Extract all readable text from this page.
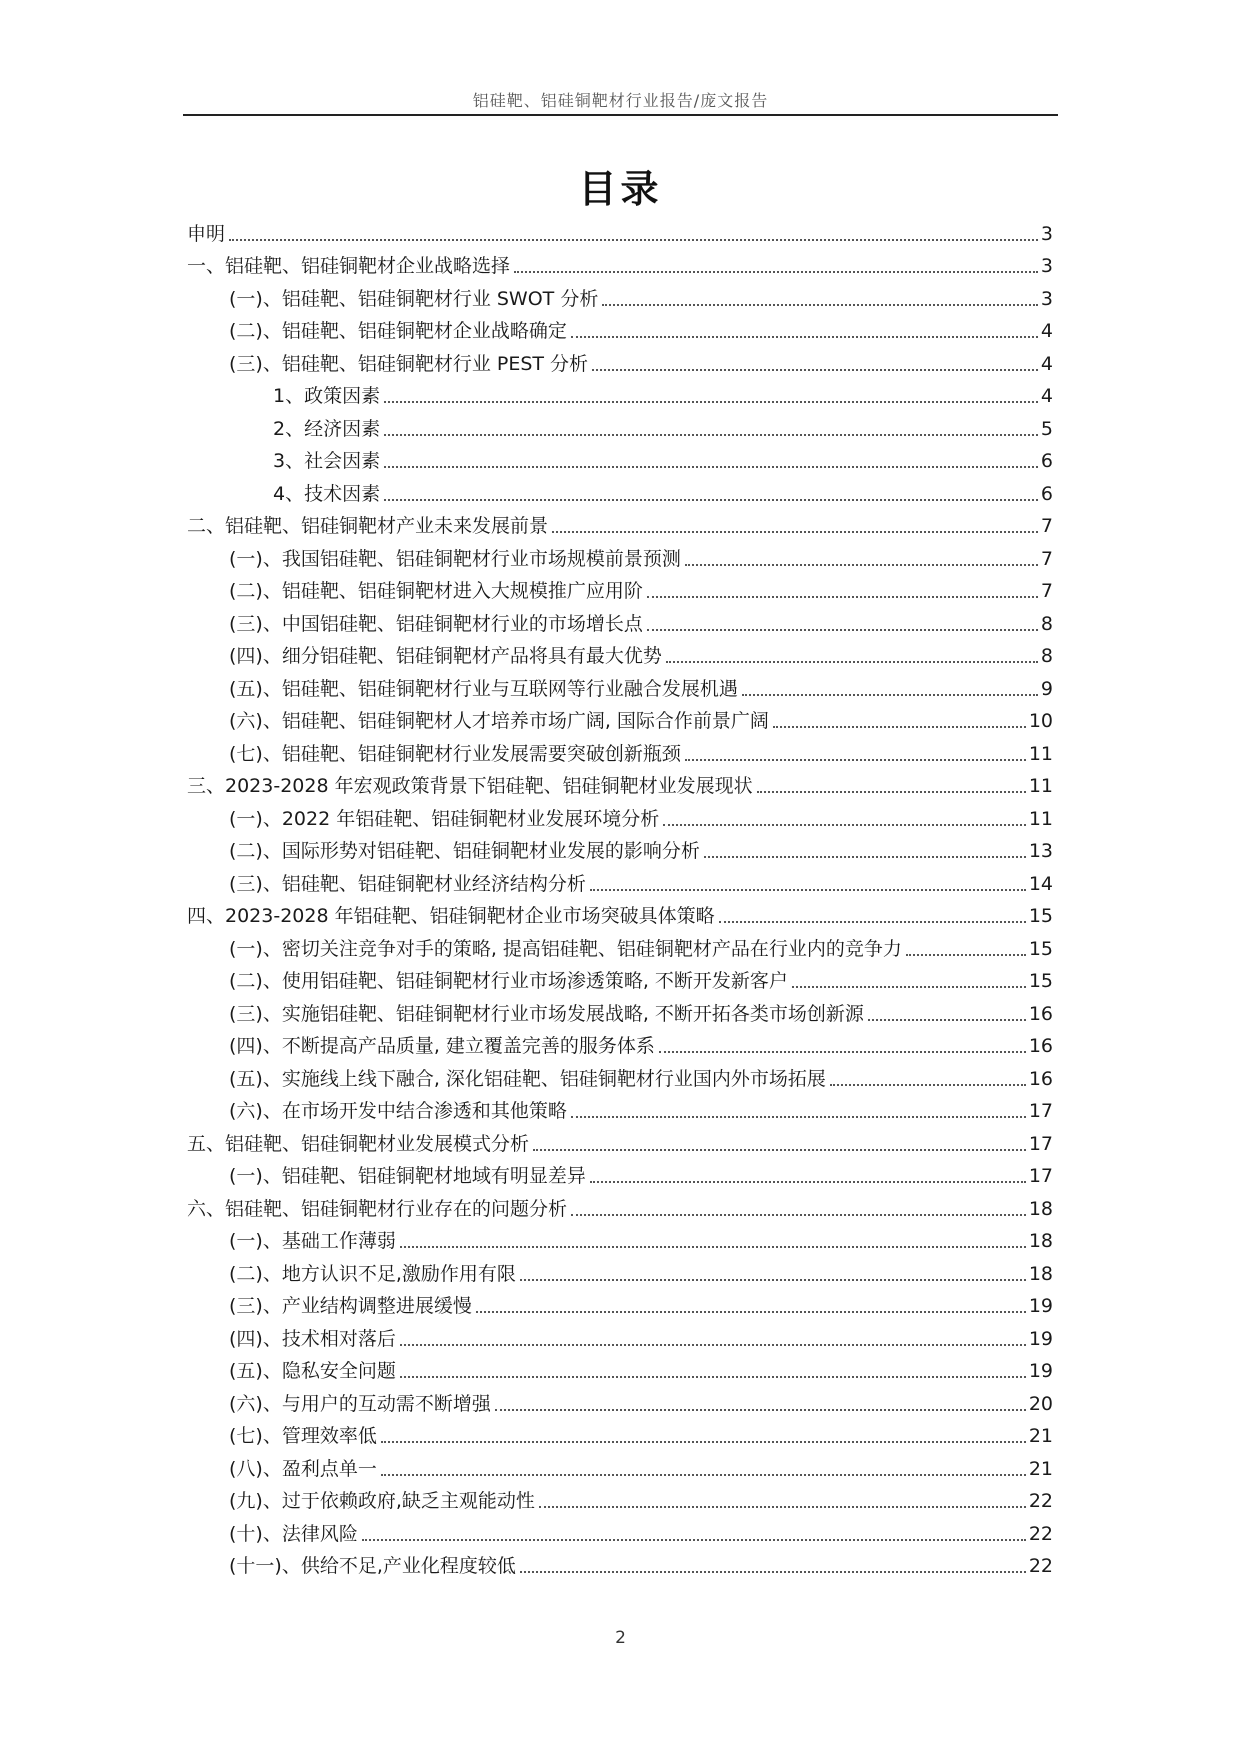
铝硅靶、铝硅铜靶材行业报告/庞文报告
目录
申明	3
一、铝硅靶、铝硅铜靶材企业战略选择	3
(一)、铝硅靶、铝硅铜靶材行业 SWOT 分析	3
(二)、铝硅靶、铝硅铜靶材企业战略确定	4
(三)、铝硅靶、铝硅铜靶材行业 PEST 分析	4
1、政策因素	4
2、经济因素	5
3、社会因素	6
4、技术因素	6
二、铝硅靶、铝硅铜靶材产业未来发展前景	7
(一)、我国铝硅靶、铝硅铜靶材行业市场规模前景预测	7
(二)、铝硅靶、铝硅铜靶材进入大规模推广应用阶	7
(三)、中国铝硅靶、铝硅铜靶材行业的市场增长点	8
(四)、细分铝硅靶、铝硅铜靶材产品将具有最大优势	8
(五)、铝硅靶、铝硅铜靶材行业与互联网等行业融合发展机遇	9
(六)、铝硅靶、铝硅铜靶材人才培养市场广阔, 国际合作前景广阔	10
(七)、铝硅靶、铝硅铜靶材行业发展需要突破创新瓶颈	11
三、2023-2028 年宏观政策背景下铝硅靶、铝硅铜靶材业发展现状	11
(一)、2022 年铝硅靶、铝硅铜靶材业发展环境分析	11
(二)、国际形势对铝硅靶、铝硅铜靶材业发展的影响分析	13
(三)、铝硅靶、铝硅铜靶材业经济结构分析	14
四、2023-2028 年铝硅靶、铝硅铜靶材企业市场突破具体策略	15
(一)、密切关注竞争对手的策略, 提高铝硅靶、铝硅铜靶材产品在行业内的竞争力	15
(二)、使用铝硅靶、铝硅铜靶材行业市场渗透策略, 不断开发新客户	15
(三)、实施铝硅靶、铝硅铜靶材行业市场发展战略, 不断开拓各类市场创新源	16
(四)、不断提高产品质量, 建立覆盖完善的服务体系	16
(五)、实施线上线下融合, 深化铝硅靶、铝硅铜靶材行业国内外市场拓展	16
(六)、在市场开发中结合渗透和其他策略	17
五、铝硅靶、铝硅铜靶材业发展模式分析	17
(一)、铝硅靶、铝硅铜靶材地域有明显差异	17
六、铝硅靶、铝硅铜靶材行业存在的问题分析	18
(一)、基础工作薄弱	18
(二)、地方认识不足,激励作用有限	18
(三)、产业结构调整进展缓慢	19
(四)、技术相对落后	19
(五)、隐私安全问题	19
(六)、与用户的互动需不断增强	20
(七)、管理效率低	21
(八)、盈利点单一	21
(九)、过于依赖政府,缺乏主观能动性	22
(十)、法律风险	22
(十一)、供给不足,产业化程度较低	22
2
